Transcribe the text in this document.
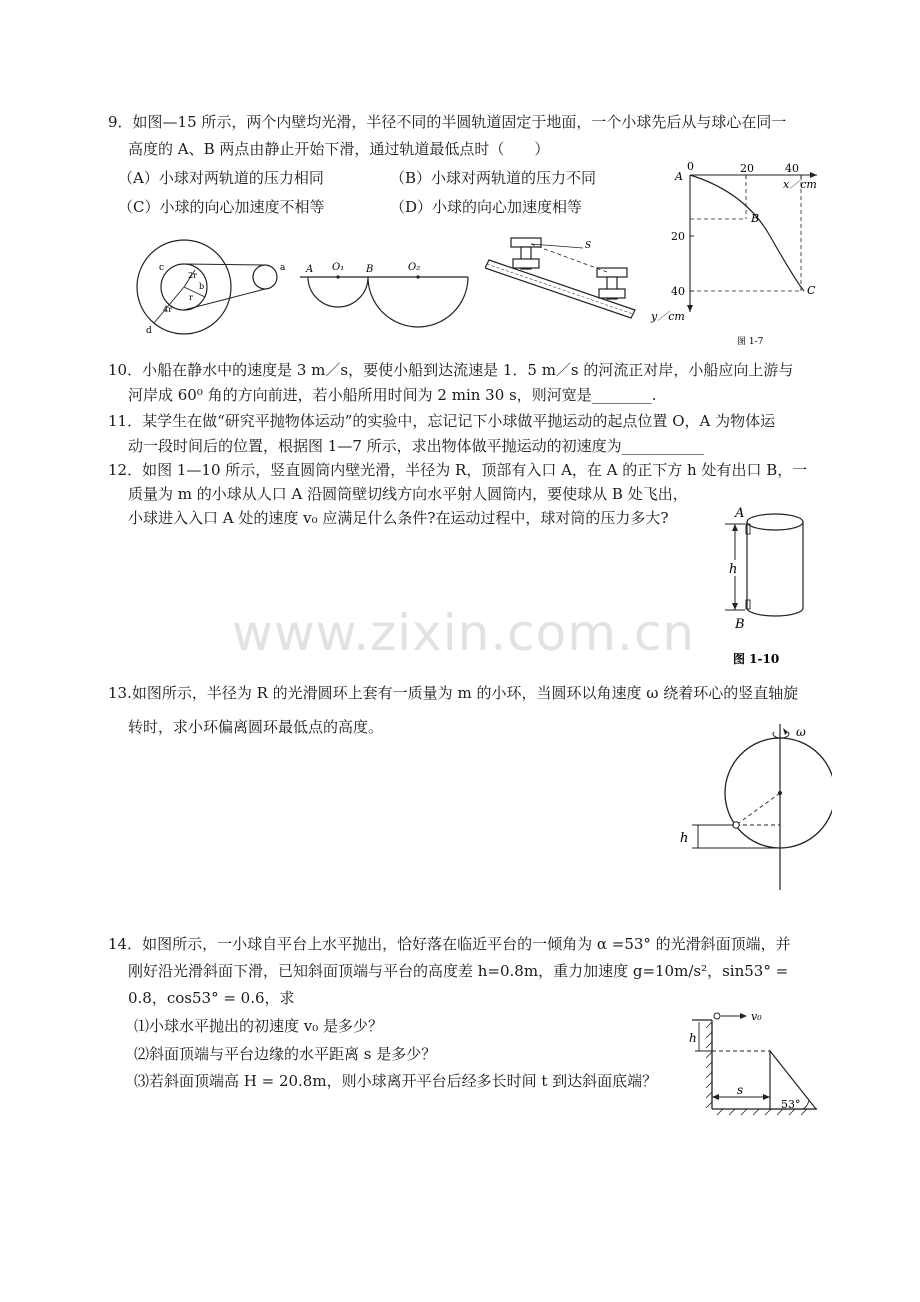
9．如图—15 所示，两个内壁均光滑，半径不同的半圆轨道固定于地面，一个小球先后从与球心在同一
高度的 A、B 两点由静止开始下滑，通过轨道最低点时（　　）
（A）小球对两轨道的压力相同	（B）小球对两轨道的压力不同
（C）小球的向心加速度不相等	（D）小球的向心加速度相等
c
2r
b
r
4r
d
a A O₁ B	O₂
S
0	20	40
x／cm
20
40
y／cm
A
B
C
图 1-7
10．小船在静水中的速度是 3 m／s，要使小船到达流速是 1．5 m／s 的河流正对岸，小船应向上游与
河岸成 60⁰ 角的方向前进，若小船所用时间为 2 min 30 s，则河宽是________.
11．某学生在做“研究平抛物体运动”的实验中，忘记记下小球做平抛运动的起点位置 O，A 为物体运
动一段时间后的位置，根据图 1—7 所示，求出物体做平抛运动的初速度为___________
12．如图 1—10 所示，竖直圆筒内壁光滑，半径为 R，顶部有入口 A，在 A 的正下方 h 处有出口 B，一
质量为 m 的小球从人口 A 沿圆筒壁切线方向水平射人圆筒内，要使球从 B 处飞出，
小球进入入口 A 处的速度 v₀ 应满足什么条件?在运动过程中，球对筒的压力多大?	A
h
B
图 1-10
www.zixin.com.cn
13.如图所示，半径为 R 的光滑圆环上套有一质量为 m 的小环，当圆环以角速度 ω 绕着环心的竖直轴旋
转时，求小环偏离圆环最低点的高度。	ω
h
14．如图所示，一小球自平台上水平抛出，恰好落在临近平台的一倾角为 α =53° 的光滑斜面顶端，并
刚好沿光滑斜面下滑，已知斜面顶端与平台的高度差 h=0.8m，重力加速度 g=10m/s²，sin53° =
0.8，cos53° = 0.6，求
⑴小球水平抛出的初速度 v₀ 是多少？
⑵斜面顶端与平台边缘的水平距离 s 是多少？
⑶若斜面顶端高 H = 20.8m，则小球离开平台后经多长时间 t 到达斜面底端？
v₀
h
s
53°
